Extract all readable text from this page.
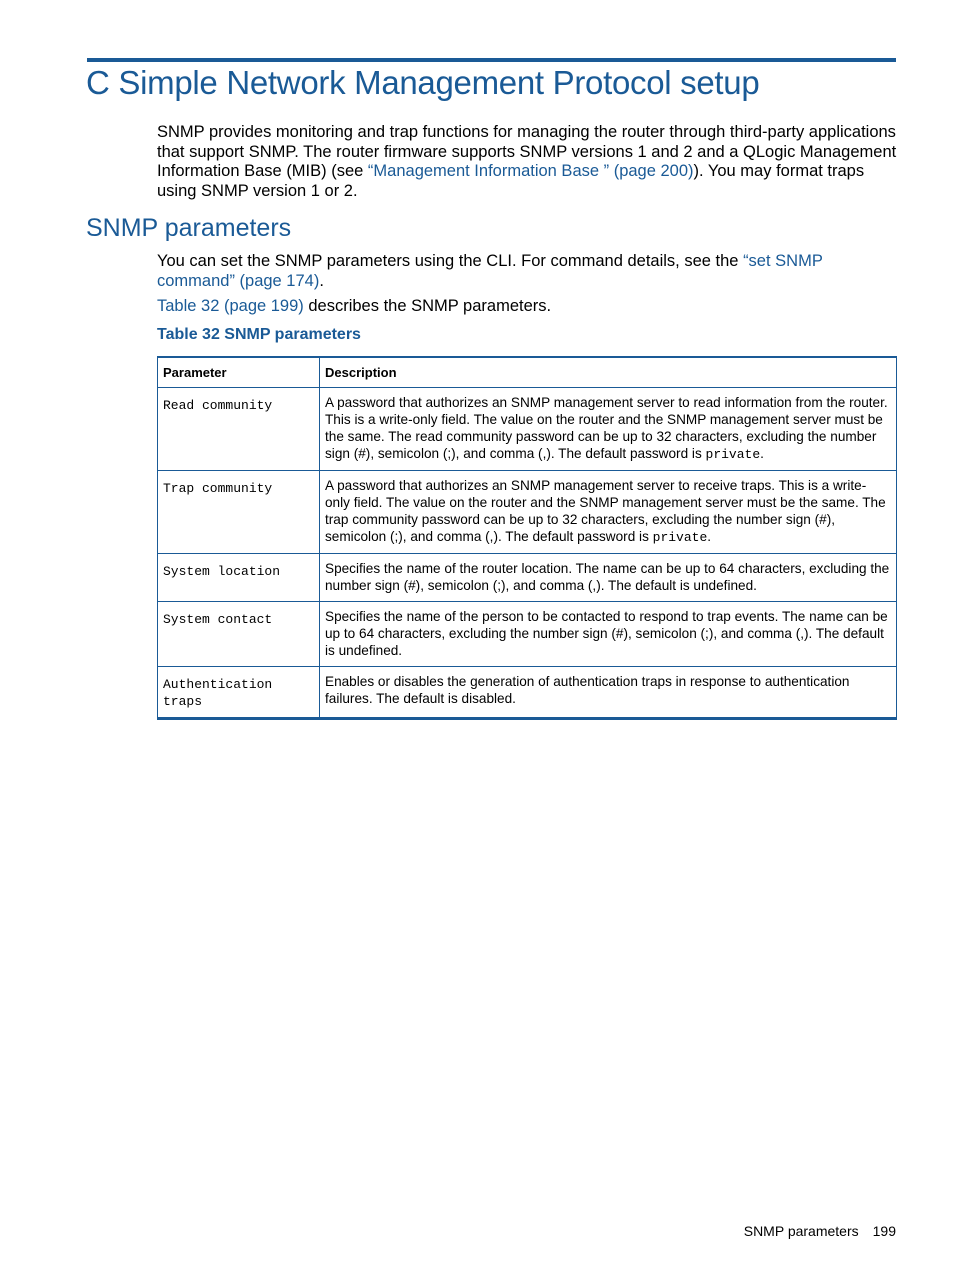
C Simple Network Management Protocol setup

SNMP provides monitoring and trap functions for managing the router through third-party applications that support SNMP. The router firmware supports SNMP versions 1 and 2 and a QLogic Management Information Base (MIB) (see “Management Information Base ” (page 200)). You may format traps using SNMP version 1 or 2.

SNMP parameters

You can set the SNMP parameters using the CLI. For command details, see the “set SNMP command” (page 174).

Table 32 (page 199) describes the SNMP parameters.

Table 32 SNMP parameters

Parameter	Description
Read community	A password that authorizes an SNMP management server to read information from the router. This is a write-only field. The value on the router and the SNMP management server must be the same. The read community password can be up to 32 characters, excluding the number sign (#), semicolon (;), and comma (,). The default password is private.
Trap community	A password that authorizes an SNMP management server to receive traps. This is a write-only field. The value on the router and the SNMP management server must be the same. The trap community password can be up to 32 characters, excluding the number sign (#), semicolon (;), and comma (,). The default password is private.
System location	Specifies the name of the router location. The name can be up to 64 characters, excluding the number sign (#), semicolon (;), and comma (,). The default is undefined.
System contact	Specifies the name of the person to be contacted to respond to trap events. The name can be up to 64 characters, excluding the number sign (#), semicolon (;), and comma (,). The default is undefined.
Authentication traps	Enables or disables the generation of authentication traps in response to authentication failures. The default is disabled.
SNMP parameters 199
